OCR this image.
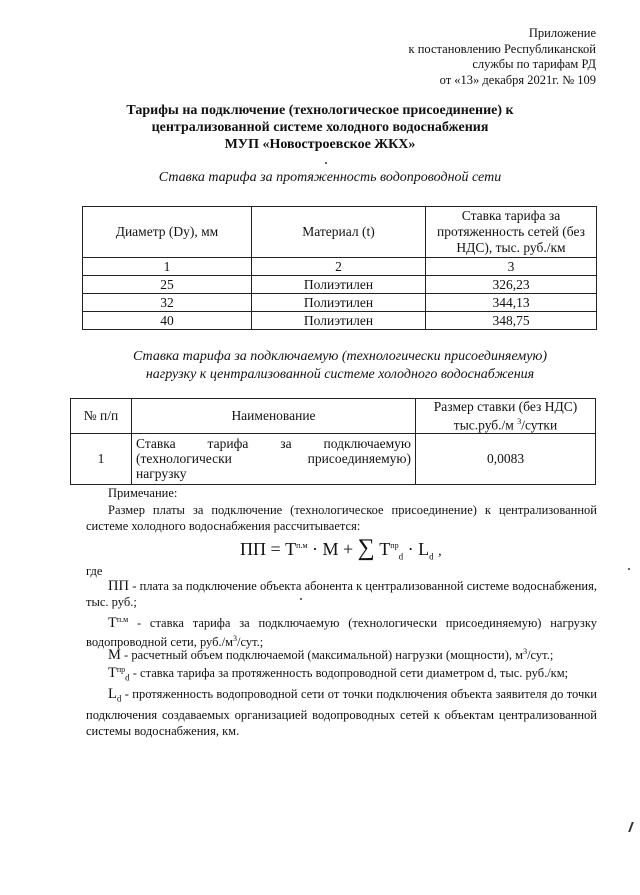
Приложение
к постановлению Республиканской
службы по тарифам РД
от «13» декабря 2021г. № 109
Тарифы на подключение (технологическое присоединение) к
централизованной системе холодного водоснабжения
МУП «Новостроевское ЖКХ»
Ставка тарифа за протяженность водопроводной сети
Диаметр (Dy), мм	Материал (t)	Ставка тарифа за протяженность сетей (без НДС), тыс. руб./км
1	2	3
25	Полиэтилен	326,23
32	Полиэтилен	344,13
40	Полиэтилен	348,75
Ставка тарифа за подключаемую (технологически присоединяемую)
нагрузку к централизованной системе холодного водоснабжения
№ п/п	Наименование	Размер ставки (без НДС)
тыс.руб./м $^3$/сутки

1	Ставка тарифа за подключаемую
(технологически присоединяемую)
нагрузку	0,0083
Примечание:
Размер платы за подключение (технологическое присоединение) к централизованной системе холодного водоснабжения рассчитывается:
ПП = $Т^{п.м} \cdot М$ + ∑ $Т^{пр}_d \cdot L_d$ ,
где
ПП - плата за подключение объекта абонента к централизованной системе водоснабжения, тыс. руб.;
$Т^{п.м}$ - ставка тарифа за подключаемую (технологически присоединяемую) нагрузку водопроводной сети, $руб./м^3$/сут.;
М - расчетный объем подключаемой (максимальной) нагрузки (мощности), $м^3$/сут.;
$Т^{пр}_d$ - ставка тарифа за протяженность водопроводной сети диаметром d, тыс. руб./км;
$L_d$ - протяженность водопроводной сети от точки подключения объекта заявителя до точки подключения создаваемых организацией водопроводных сетей к объектам централизованной системы водоснабжения, км.
